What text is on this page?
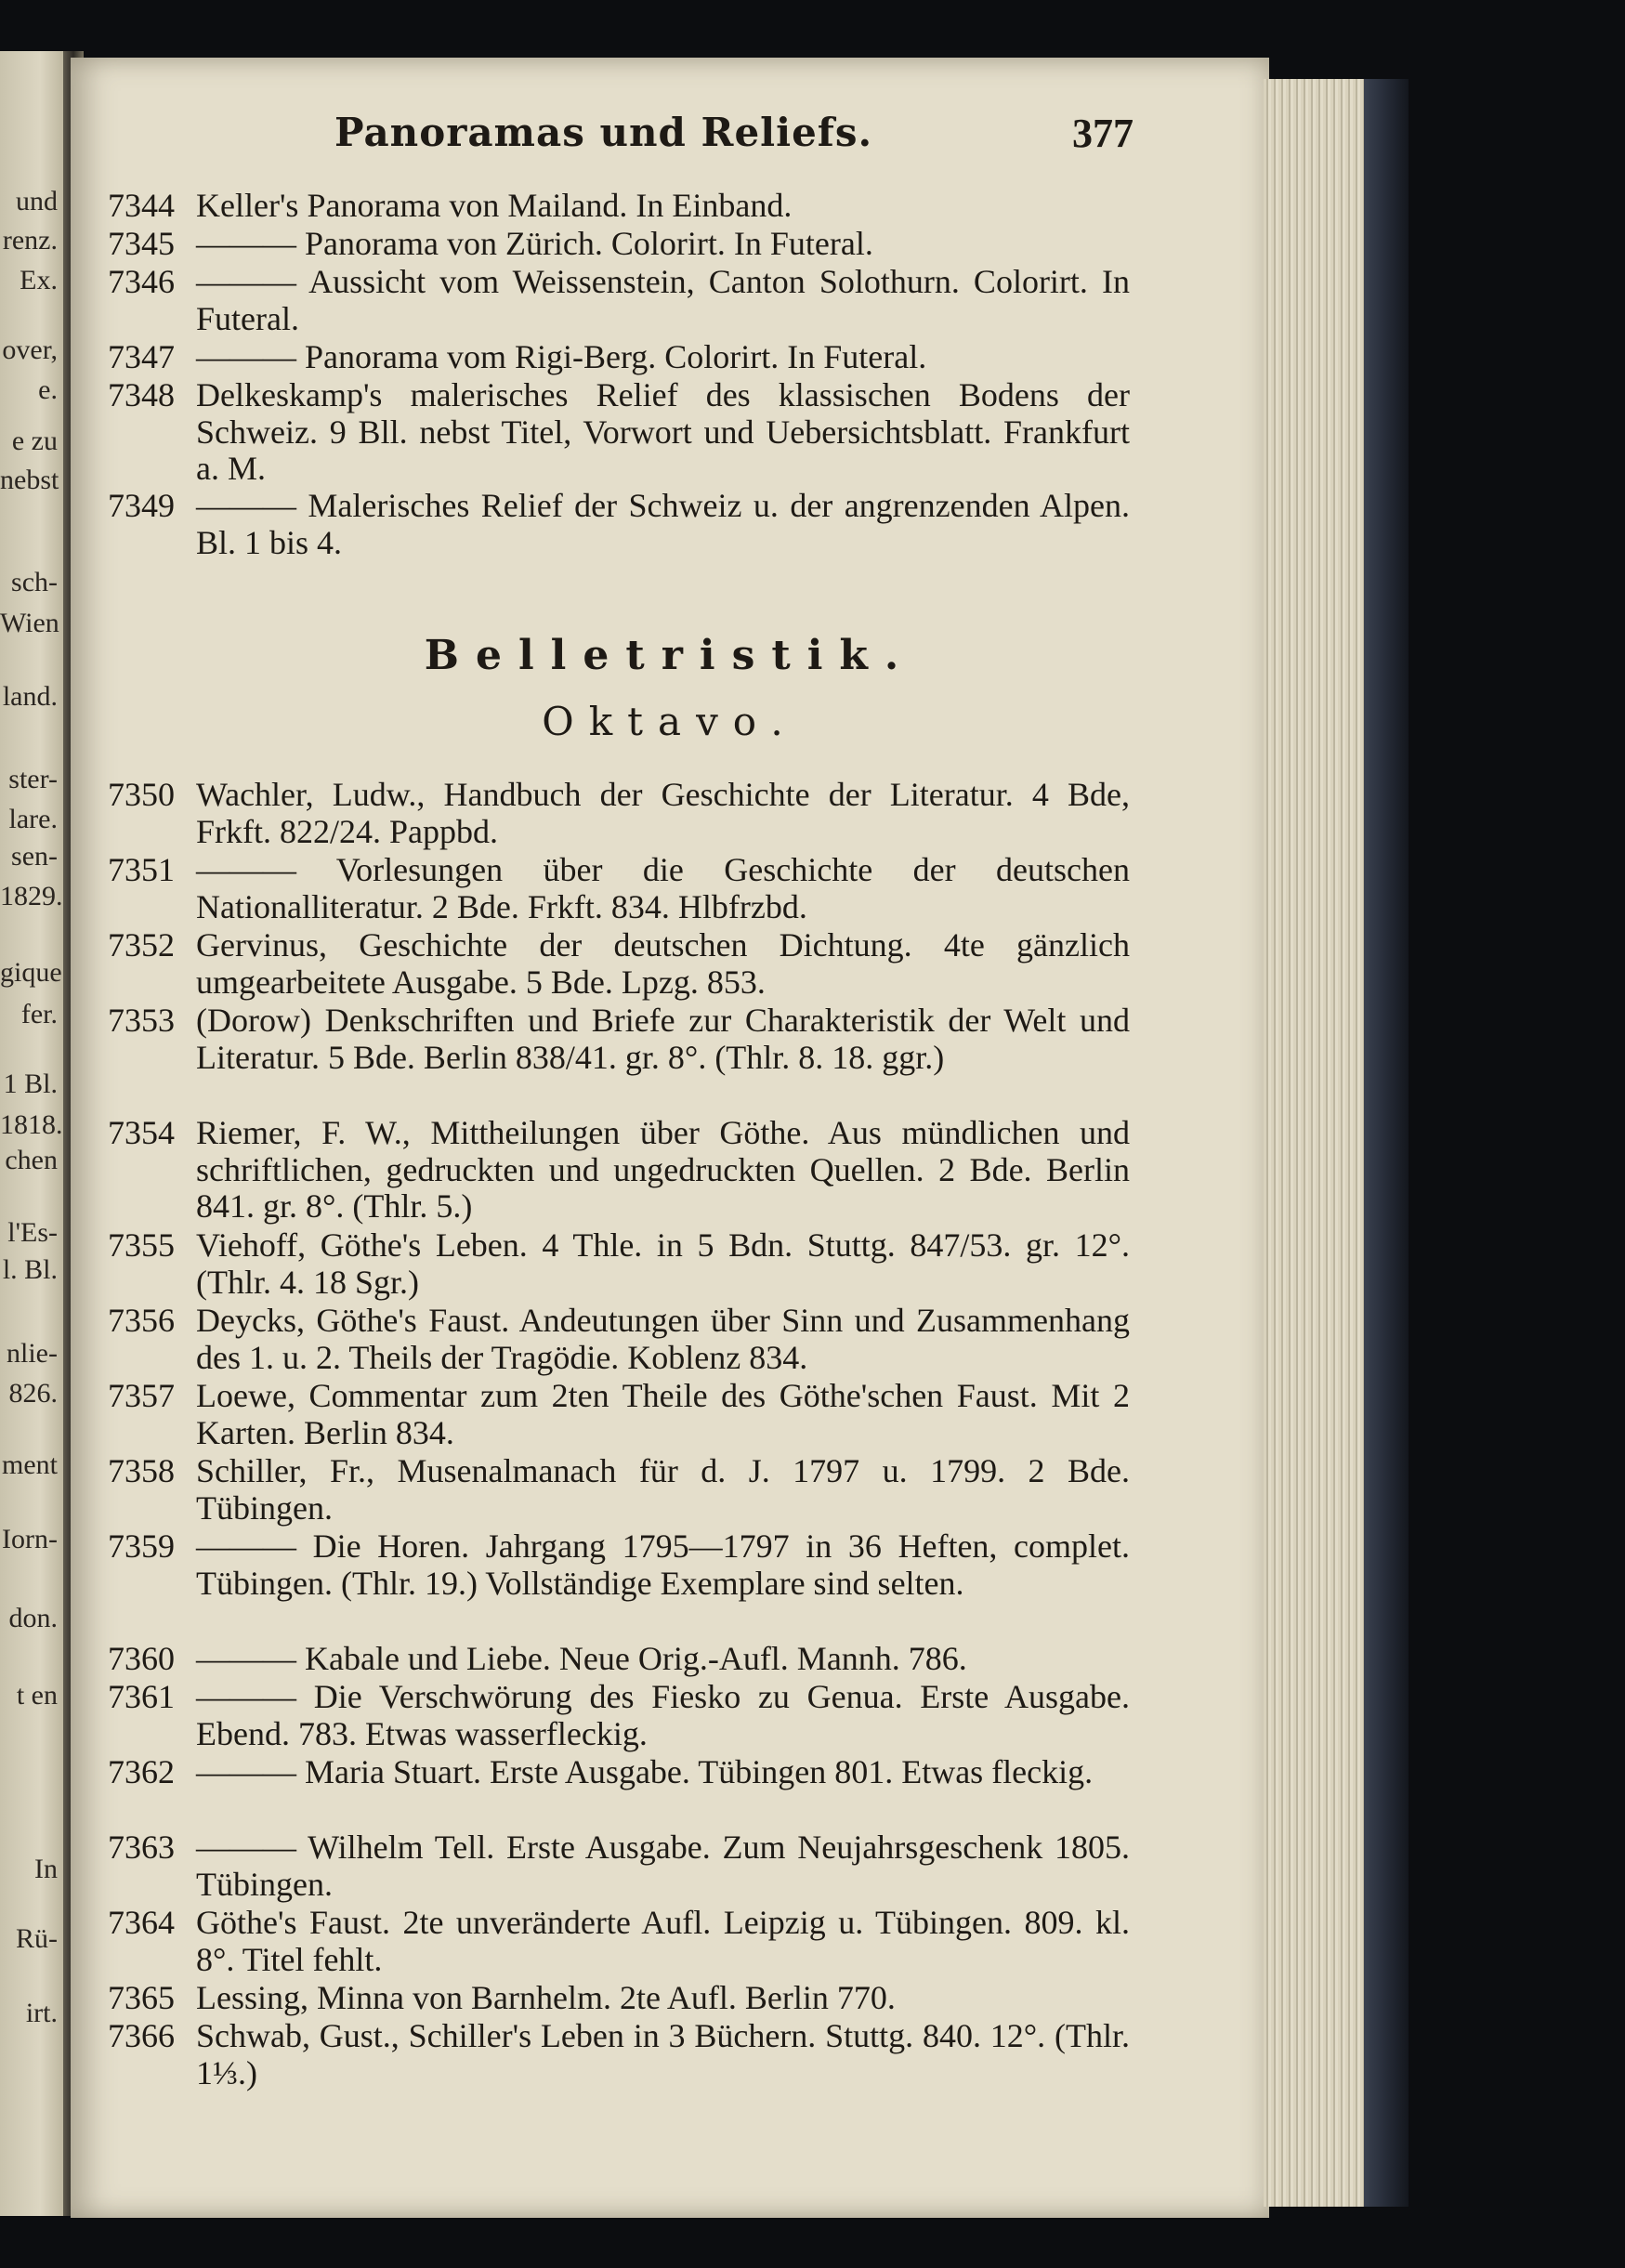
und
renz.
Ex.
over,
e.
e zu
nebst
sch-
Wien
land.
ster-
lare.
sen-
1829.
gique
fer.
1 Bl.
1818.
chen
l'Es-
l. Bl.
nlie-
826.
ment
Iorn-
don.
t en
In
Rü-
irt.
Panoramas und Reliefs.	377
7344 Keller's Panorama von Mailand. In Einband.
7345 ——— Panorama von Zürich. Colorirt. In Futeral.
7346 ——— Aussicht vom Weissenstein, Canton Solothurn. Colorirt. In Futeral.
7347 ——— Panorama vom Rigi-Berg. Colorirt. In Futeral.
7348 Delkeskamp's malerisches Relief des klassischen Bodens der Schweiz. 9 Bll. nebst Titel, Vorwort und Uebersichtsblatt. Frankfurt a. M.
7349 ——— Malerisches Relief der Schweiz u. der angrenzenden Alpen. Bl. 1 bis 4.
Belletristik.
Oktavo.
7350 Wachler, Ludw., Handbuch der Geschichte der Literatur. 4 Bde, Frkft. 822/24. Pappbd.
7351 ——— Vorlesungen über die Geschichte der deutschen Nationalliteratur. 2 Bde. Frkft. 834. Hlbfrzbd.
7352 Gervinus, Geschichte der deutschen Dichtung. 4te gänzlich umgearbeitete Ausgabe. 5 Bde. Lpzg. 853.
7353 (Dorow) Denkschriften und Briefe zur Charakteristik der Welt und Literatur. 5 Bde. Berlin 838/41. gr. 8°. (Thlr. 8. 18. ggr.)
7354 Riemer, F. W., Mittheilungen über Göthe. Aus mündlichen und schriftlichen, gedruckten und ungedruckten Quellen. 2 Bde. Berlin 841. gr. 8°. (Thlr. 5.)
7355 Viehoff, Göthe's Leben. 4 Thle. in 5 Bdn. Stuttg. 847/53. gr. 12°. (Thlr. 4. 18 Sgr.)
7356 Deycks, Göthe's Faust. Andeutungen über Sinn und Zusammenhang des 1. u. 2. Theils der Tragödie. Koblenz 834.
7357 Loewe, Commentar zum 2ten Theile des Göthe'schen Faust. Mit 2 Karten. Berlin 834.
7358 Schiller, Fr., Musenalmanach für d. J. 1797 u. 1799. 2 Bde. Tübingen.
7359 ——— Die Horen. Jahrgang 1795—1797 in 36 Heften, complet. Tübingen. (Thlr. 19.) Vollständige Exemplare sind selten.
7360 ——— Kabale und Liebe. Neue Orig.-Aufl. Mannh. 786.
7361 ——— Die Verschwörung des Fiesko zu Genua. Erste Ausgabe. Ebend. 783. Etwas wasserfleckig.
7362 ——— Maria Stuart. Erste Ausgabe. Tübingen 801. Etwas fleckig.
7363 ——— Wilhelm Tell. Erste Ausgabe. Zum Neujahrsgeschenk 1805. Tübingen.
7364 Göthe's Faust. 2te unveränderte Aufl. Leipzig u. Tübingen. 809. kl. 8°. Titel fehlt.
7365 Lessing, Minna von Barnhelm. 2te Aufl. Berlin 770.
7366 Schwab, Gust., Schiller's Leben in 3 Büchern. Stuttg. 840. 12°. (Thlr. 1⅓.)
